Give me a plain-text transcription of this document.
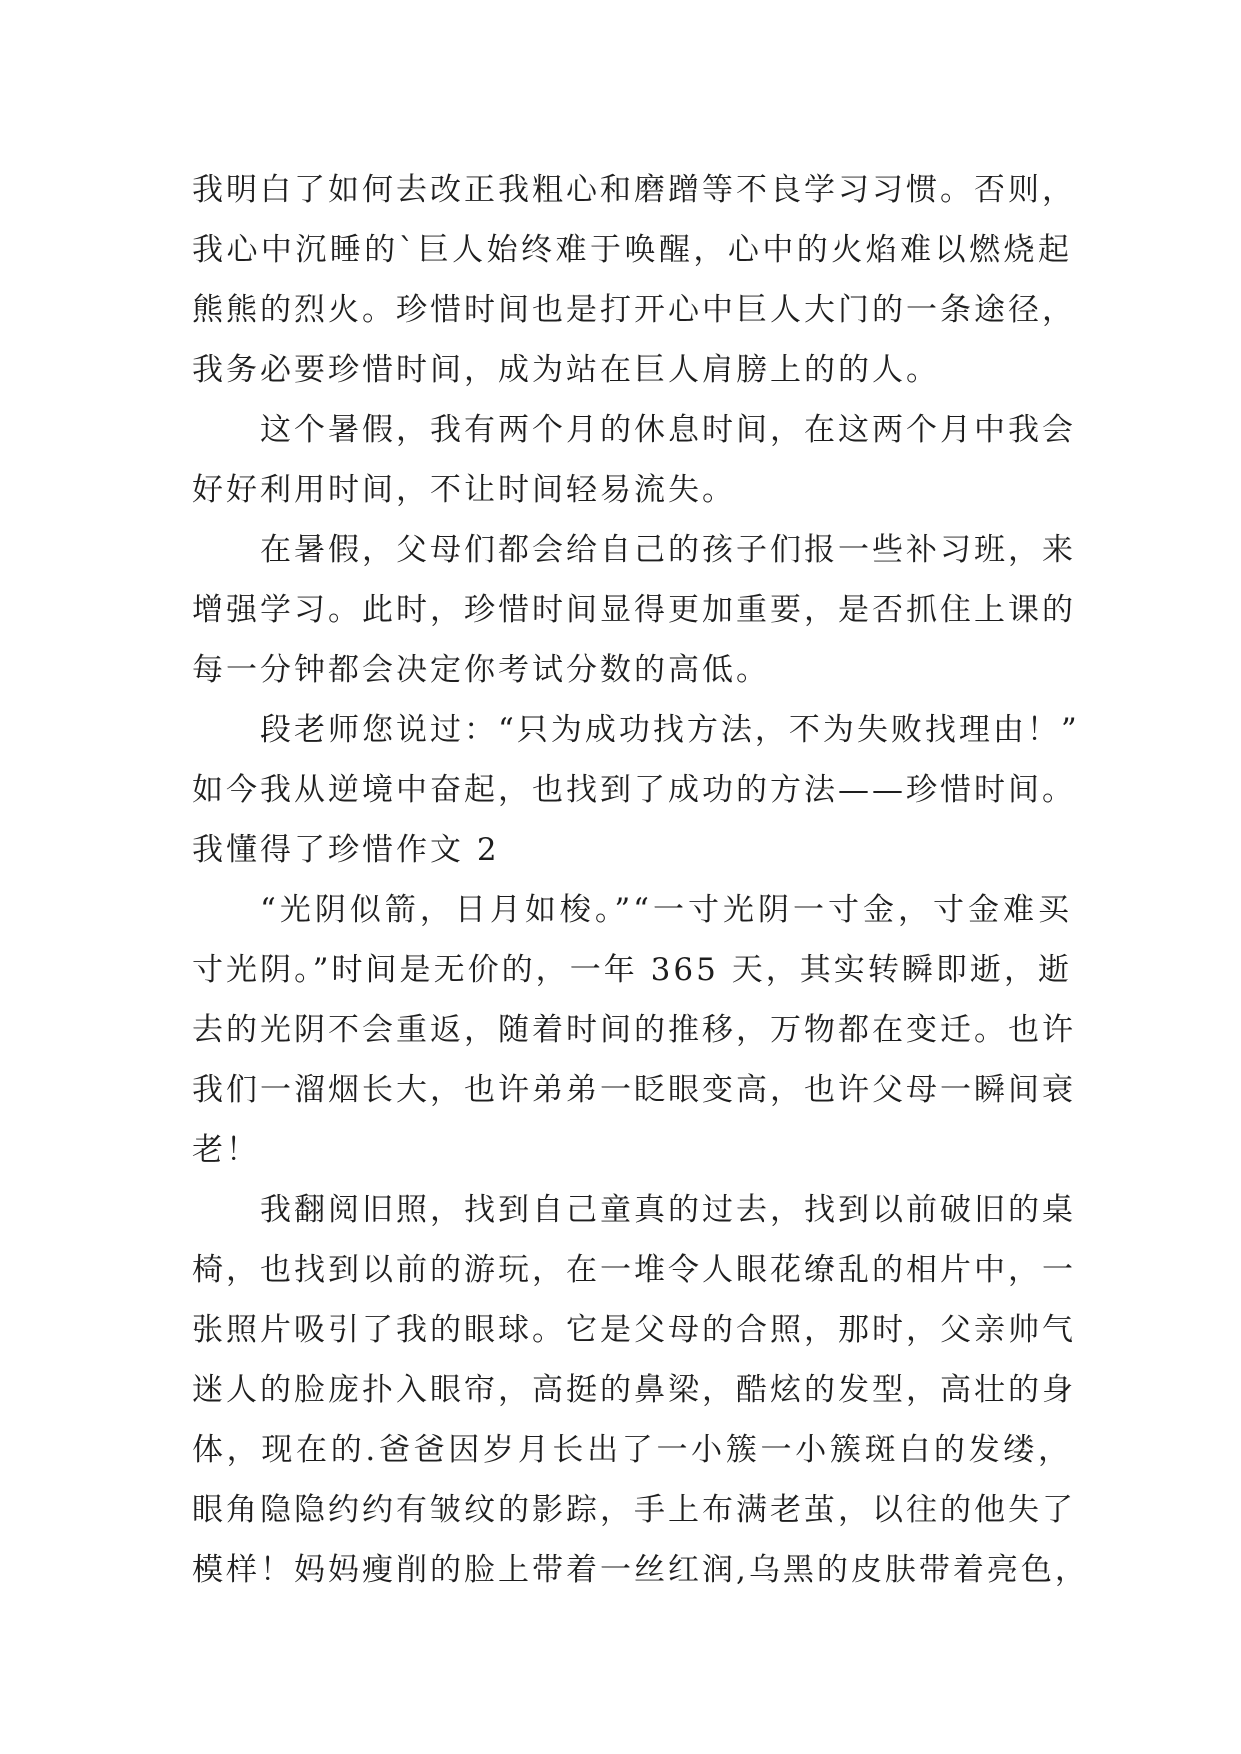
我明白了如何去改正我粗心和磨蹭等不良学习习惯。否则，
我心中沉睡的`巨人始终难于唤醒，心中的火焰难以燃烧起
熊熊的烈火。珍惜时间也是打开心中巨人大门的一条途径，
我务必要珍惜时间，成为站在巨人肩膀上的的人。
这个暑假，我有两个月的休息时间，在这两个月中我会
好好利用时间，不让时间轻易流失。
在暑假，父母们都会给自己的孩子们报一些补习班，来
增强学习。此时，珍惜时间显得更加重要，是否抓住上课的
每一分钟都会决定你考试分数的高低。
段老师您说过：“只为成功找方法，不为失败找理由！”
如今我从逆境中奋起，也找到了成功的方法——珍惜时间。
我懂得了珍惜作文 2
“光阴似箭，日月如梭。”“一寸光阴一寸金，寸金难买
寸光阴。”时间是无价的，一年 365 天，其实转瞬即逝，逝
去的光阴不会重返，随着时间的推移，万物都在变迁。也许
我们一溜烟长大，也许弟弟一眨眼变高，也许父母一瞬间衰
老！
我翻阅旧照，找到自己童真的过去，找到以前破旧的桌
椅，也找到以前的游玩，在一堆令人眼花缭乱的相片中，一
张照片吸引了我的眼球。它是父母的合照，那时，父亲帅气
迷人的脸庞扑入眼帘，高挺的鼻梁，酷炫的发型，高壮的身
体，现在的.爸爸因岁月长出了一小簇一小簇斑白的发缕，
眼角隐隐约约有皱纹的影踪，手上布满老茧，以往的他失了
模样！妈妈瘦削的脸上带着一丝红润,乌黑的皮肤带着亮色，
